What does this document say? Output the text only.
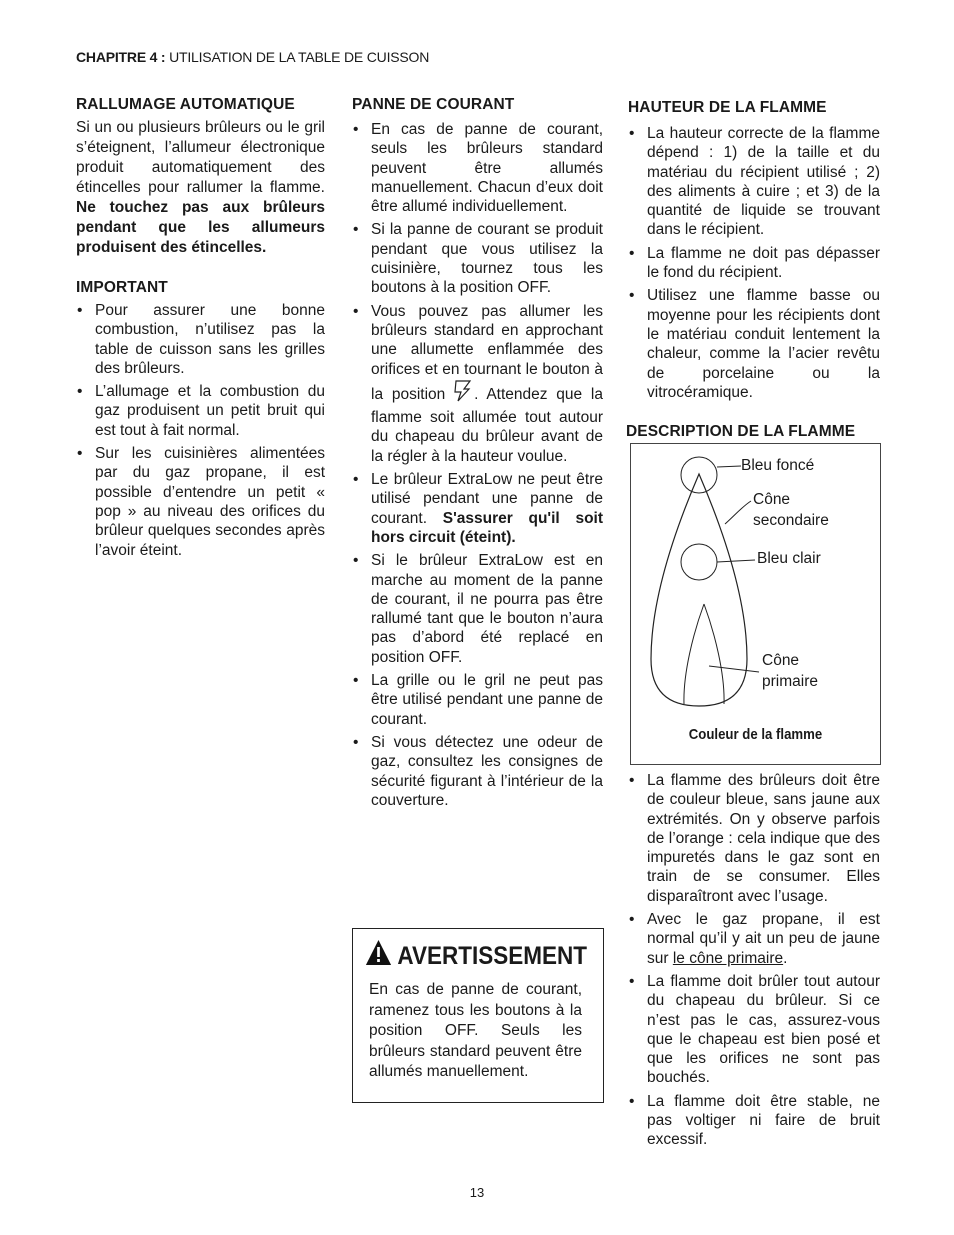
CHAPITRE 4 : UTILISATION DE LA TABLE DE CUISSON
RALLUMAGE AUTOMATIQUE

Si un ou plusieurs brûleurs ou le gril s’éteignent, l’allumeur électronique produit automatiquement des étincelles pour rallumer la flamme. Ne touchez pas aux brûleurs pendant que les allumeurs produisent des étincelles.

IMPORTANT
• Pour assurer une bonne combustion, n’utilisez pas la table de cuisson sans les grilles des brûleurs.
• L’allumage et la combustion du gaz produisent un petit bruit qui est tout à fait normal.
• Sur les cuisinières alimentées par du gaz propane, il est possible d’entendre un petit « pop » au niveau des orifices du brûleur quelques secondes après l’avoir éteint.
PANNE DE COURANT
• En cas de panne de courant, seuls les brûleurs standard peuvent être allumés manuellement. Chacun d’eux doit être allumé individuellement.
• Si la panne de courant se produit pendant que vous utilisez la cuisinière, tournez tous les boutons à la position OFF.
• Vous pouvez pas allumer les brûleurs standard en approchant une allumette enflammée des orifices et en tournant le bouton à la position . Attendez que la flamme soit allumée tout autour du chapeau du brûleur avant de la régler à la hauteur voulue.
• Le brûleur ExtraLow ne peut être utilisé pendant une panne de courant. S'assurer qu'il soit hors circuit (éteint).
• Si le brûleur ExtraLow est en marche au moment de la panne de courant, il ne pourra pas être rallumé tant que le bouton n’aura pas d’abord été replacé en position OFF.
• La grille ou le gril ne peut pas être utilisé pendant une panne de courant.
• Si vous détectez une odeur de gaz, consultez les consignes de sécurité figurant à l’intérieur de la couverture.
AVERTISSEMENT
En cas de panne de courant, ramenez tous les boutons à la position OFF. Seuls les brûleurs standard peuvent être allumés manuellement.
HAUTEUR DE LA FLAMME
• La hauteur correcte de la flamme dépend : 1) de la taille et du matériau du récipient utilisé ; 2) des aliments à cuire ; et 3) de la quantité de liquide se trouvant dans le récipient.
• La flamme ne doit pas dépasser le fond du récipient.
• Utilisez une flamme basse ou moyenne pour les récipients dont le matériau conduit lentement la chaleur, comme la l’acier revêtu de porcelaine ou la vitrocéramique.
DESCRIPTION DE LA FLAMME
Bleu foncé
Cône
secondaire
Bleu clair
Cône
primaire
Couleur de la flamme
• La flamme des brûleurs doit être de couleur bleue, sans jaune aux extrémités. On y observe parfois de l’orange : cela indique que des impuretés dans le gaz sont en train de se consumer. Elles disparaîtront avec l’usage.
• Avec le gaz propane, il est normal qu’il y ait un peu de jaune sur le cône primaire.
• La flamme doit brûler tout autour du chapeau du brûleur. Si ce n’est pas le cas, assurez-vous que le chapeau est bien posé et que les orifices ne sont pas bouchés.
• La flamme doit être stable, ne pas voltiger ni faire de bruit excessif.
13
